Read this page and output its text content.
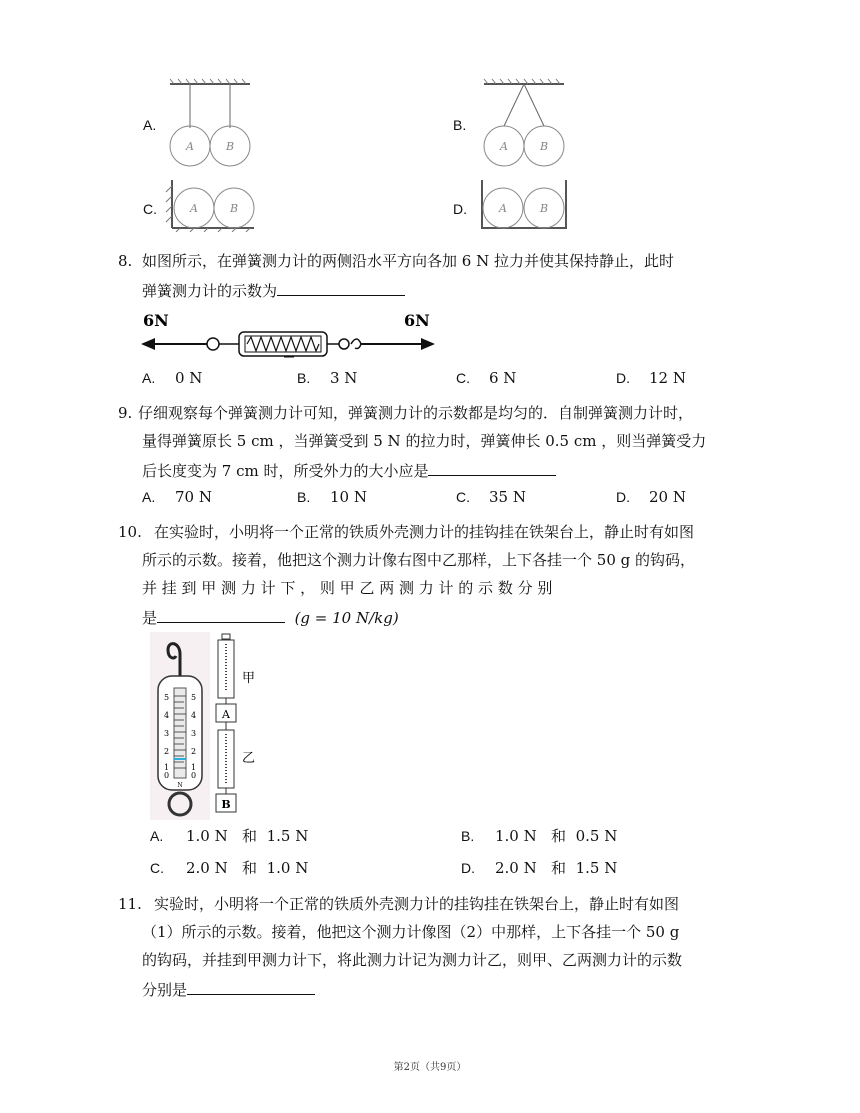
A.
A	B
B.
A	B
C.	A	B	D.	A	B
8. 如图所示，在弹簧测力计的两侧沿水平方向各加 6 N 拉力并使其保持静止，此时
弹簧测力计的示数为
6N	6N
A. 0 N	B. 3 N	C. 6 N	D. 12 N
9. 仔细观察每个弹簧测力计可知，弹簧测力计的示数都是均匀的．自制弹簧测力计时，
量得弹簧原长 5 cm ，当弹簧受到 5 N 的拉力时，弹簧伸长 0.5 cm ，则当弹簧受力
后长度变为 7 cm 时，所受外力的大小应是
A. 70 N	B. 10 N	C. 35 N	D. 20 N
10. 在实验时，小明将一个正常的铁质外壳测力计的挂钩挂在铁架台上，静止时有如图
所示的示数。接着，他把这个测力计像右图中乙那样，上下各挂一个 50 g 的钩码，
并 挂 到 甲 测 力 计 下 ， 则 甲 乙 两 测 力 计 的 示 数 分 别
是	(g = 10 N/kg)
5
4
3
2
1
0
5
4
3
2
1
0
N
甲
A
乙
B
A. 1.0 N   和  1.5 N	B. 1.0 N   和  0.5 N
C. 2.0 N   和  1.0 N	D. 2.0 N   和  1.5 N
11. 实验时，小明将一个正常的铁质外壳测力计的挂钩挂在铁架台上，静止时有如图
（1）所示的示数。接着，他把这个测力计像图（2）中那样，上下各挂一个 50 g
的钩码，并挂到甲测力计下，将此测力计记为测力计乙，则甲、乙两测力计的示数
分别是
第2页（共9页）
